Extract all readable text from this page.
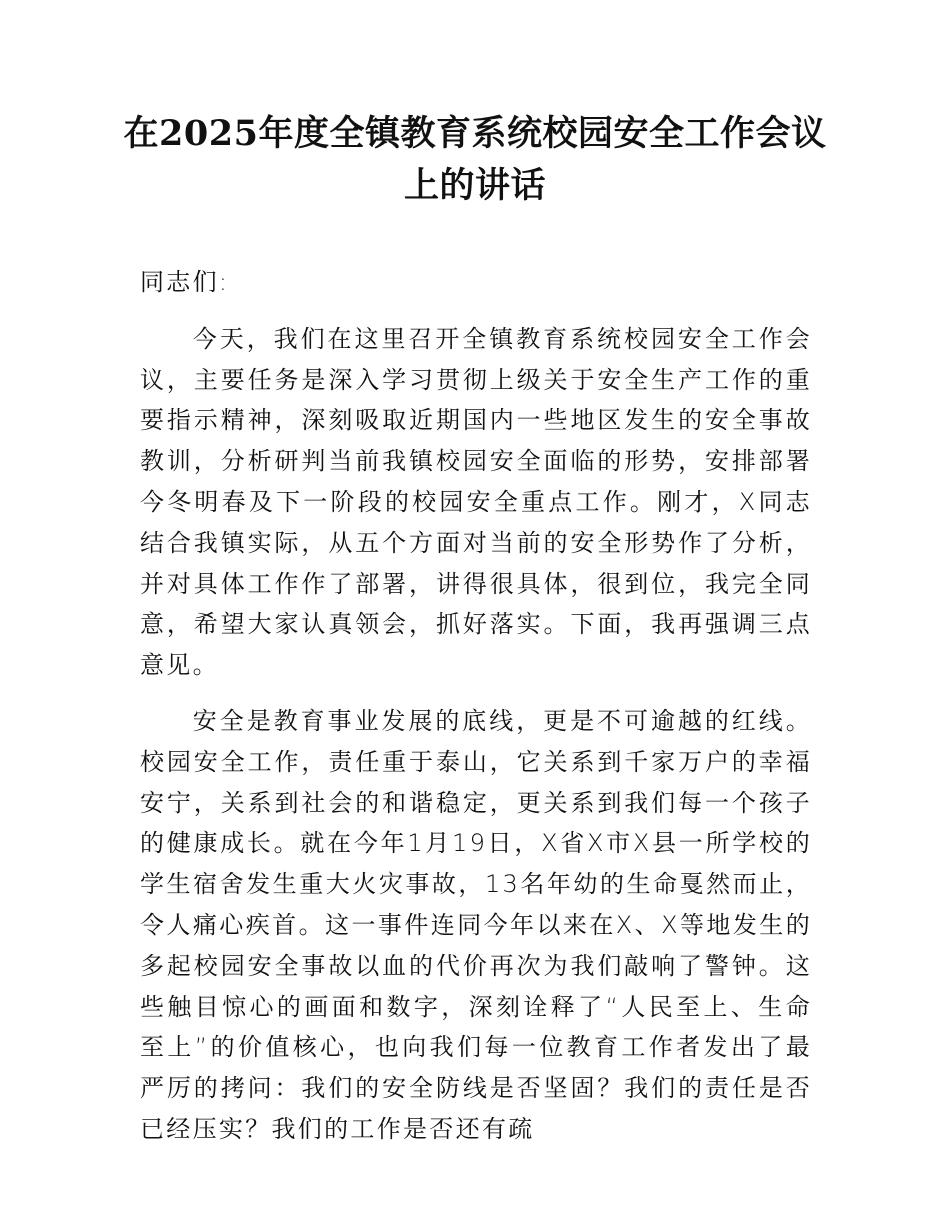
在2025年度全镇教育系统校园安全工作会议上的讲话

同志们:

今天，我们在这里召开全镇教育系统校园安全工作会议，主要任务是深入学习贯彻上级关于安全生产工作的重要指示精神，深刻吸取近期国内一些地区发生的安全事故教训，分析研判当前我镇校园安全面临的形势，安排部署今冬明春及下一阶段的校园安全重点工作。刚才，X同志结合我镇实际，从五个方面对当前的安全形势作了分析，并对具体工作作了部署，讲得很具体，很到位，我完全同意，希望大家认真领会，抓好落实。下面，我再强调三点意见。

安全是教育事业发展的底线，更是不可逾越的红线。校园安全工作，责任重于泰山，它关系到千家万户的幸福安宁，关系到社会的和谐稳定，更关系到我们每一个孩子的健康成长。就在今年1月19日，X省X市X县一所学校的学生宿舍发生重大火灾事故，13名年幼的生命戛然而止，令人痛心疾首。这一事件连同今年以来在X、X等地发生的多起校园安全事故以血的代价再次为我们敲响了警钟。这些触目惊心的画面和数字，深刻诠释了“人民至上、生命至上”的价值核心，也向我们每一位教育工作者发出了最严厉的拷问：我们的安全防线是否坚固？我们的责任是否已经压实？我们的工作是否还有疏
